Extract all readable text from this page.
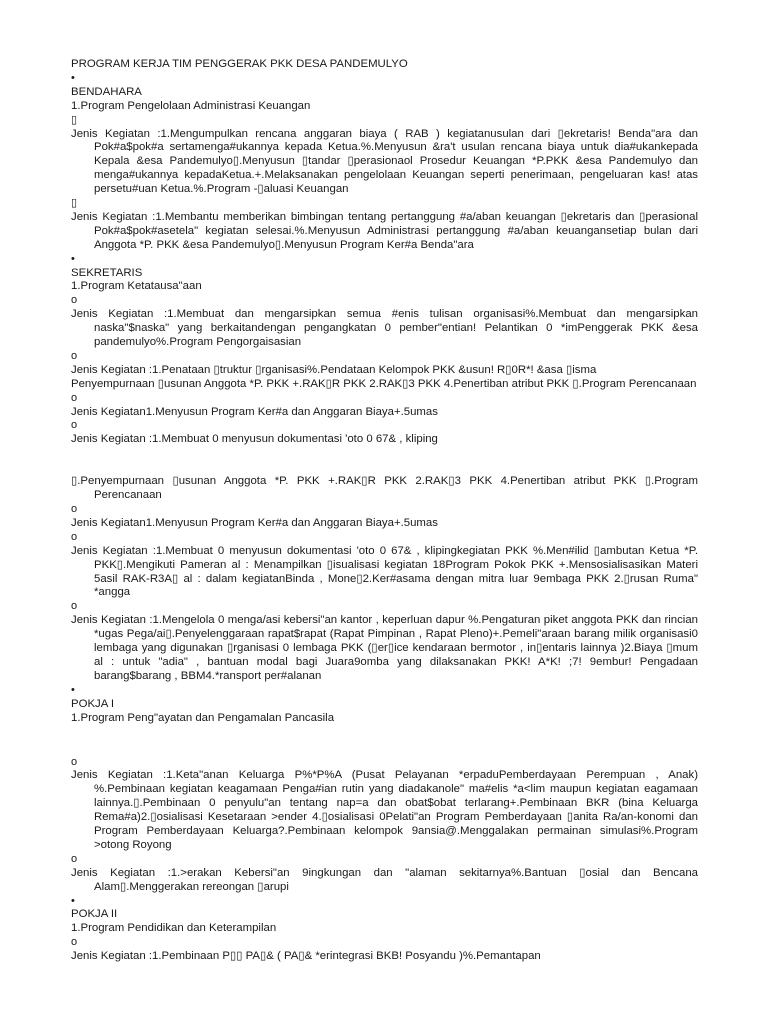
PROGRAM KERJA TIM PENGGERAK PKK DESA PANDEMULYO
•
BENDAHARA
1.Program Pengelolaan Administrasi Keuangan
▯
Jenis Kegiatan :1.Mengumpulkan rencana anggaran biaya ( RAB ) kegiatanusulan dari ▯ekretaris! Benda"ara dan Pok#a$pok#a sertamenga#ukannya kepada Ketua.%.Menyusun &ra't usulan rencana biaya untuk dia#ukankepada Kepala &esa Pandemulyo▯.Menyusun ▯tandar ▯perasionaol Prosedur Keuangan *P.PKK &esa Pandemulyo dan menga#ukannya kepadaKetua.+.Melaksanakan pengelolaan Keuangan seperti penerimaan, pengeluaran kas! atas persetu#uan Ketua.%.Program -▯aluasi Keuangan
▯
Jenis Kegiatan :1.Membantu memberikan bimbingan tentang pertanggung #a/aban keuangan ▯ekretaris dan ▯perasional Pok#a$pok#asetela" kegiatan selesai.%.Menyusun Administrasi pertanggung #a/aban keuangansetiap bulan dari Anggota *P. PKK &esa Pandemulyo▯.Menyusun Program Ker#a Benda"ara
•
SEKRETARIS
1.Program Ketatausa"aan
o
Jenis Kegiatan :1.Membuat dan mengarsipkan semua #enis tulisan organisasi%.Membuat dan mengarsipkan naska"$naska" yang berkaitandengan pengangkatan 0 pember"entian! Pelantikan 0 *imPenggerak PKK &esa pandemulyo%.Program Pengorgaisasian
o
Jenis Kegiatan :1.Penataan ▯truktur ▯rganisasi%.Pendataan Kelompok PKK &usun! R▯0R*! &asa ▯isma
Penyempurnaan ▯usunan Anggota *P. PKK +.RAK▯R PKK 2.RAK▯3 PKK 4.Penertiban atribut PKK ▯.Program Perencanaan
o
Jenis Kegiatan1.Menyusun Program Ker#a dan Anggaran Biaya+.5umas
o
Jenis Kegiatan :1.Membuat 0 menyusun dokumentasi 'oto 0 67& , kliping
▯.Penyempurnaan ▯usunan Anggota *P. PKK +.RAK▯R PKK 2.RAK▯3 PKK 4.Penertiban atribut PKK ▯.Program Perencanaan
o
Jenis Kegiatan1.Menyusun Program Ker#a dan Anggaran Biaya+.5umas
o
Jenis Kegiatan :1.Membuat 0 menyusun dokumentasi 'oto 0 67& , klipingkegiatan PKK %.Men#ilid ▯ambutan Ketua *P. PKK▯.Mengikuti Pameran al : Menampilkan ▯isualisasi kegiatan 18Program Pokok PKK +.Mensosialisasikan Materi 5asil RAK-R3A▯ al : dalam kegiatanBinda , Mone▯2.Ker#asama dengan mitra luar 9embaga PKK 2.▯rusan Ruma" *angga
o
Jenis Kegiatan :1.Mengelola 0 menga/asi kebersi"an kantor , keperluan dapur %.Pengaturan piket anggota PKK dan rincian *ugas Pega/ai▯.Penyelenggaraan rapat$rapat (Rapat Pimpinan , Rapat Pleno)+.Pemeli"araan barang milik organisasi0 lembaga yang digunakan ▯rganisasi 0 lembaga PKK (▯er▯ice kendaraan bermotor , in▯entaris lainnya )2.Biaya ▯mum al : untuk "adia" , bantuan modal bagi Juara9omba yang dilaksanakan PKK! A*K! ;7! 9embur! Pengadaan barang$barang , BBM4.*ransport per#alanan
•
POKJA I
1.Program Peng"ayatan dan Pengamalan Pancasila
o
Jenis Kegiatan :1.Keta"anan Keluarga P%*P%A (Pusat Pelayanan *erpaduPemberdayaan Perempuan , Anak) %.Pembinaan kegiatan keagamaan Penga#ian rutin yang diadakanole" ma#elis *a<lim maupun kegiatan eagamaan lainnya.▯.Pembinaan 0 penyulu"an tentang nap=a dan obat$obat terlarang+.Pembinaan BKR (bina Keluarga Rema#a)2.▯osialisasi Kesetaraan >ender 4.▯osialisasi 0Pelati"an Program Pemberdayaan ▯anita Ra/an-konomi dan Program Pemberdayaan Keluarga?.Pembinaan kelompok 9ansia@.Menggalakan permainan simulasi%.Program >otong Royong
o
Jenis Kegiatan :1.>erakan Kebersi"an 9ingkungan dan "alaman sekitarnya%.Bantuan ▯osial dan Bencana Alam▯.Menggerakan rereongan ▯arupi
•
POKJA II
1.Program Pendidikan dan Keterampilan
o
Jenis Kegiatan :1.Pembinaan P▯▯ PA▯& ( PA▯& *erintegrasi BKB! Posyandu )%.Pemantapan
